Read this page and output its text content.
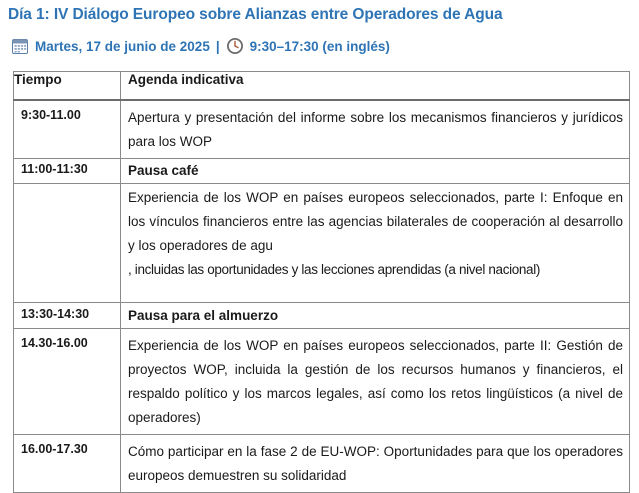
Día 1: IV Diálogo Europeo sobre Alianzas entre Operadores de Agua
Martes, 17 de junio de 2025 | 9:30–17:30 (en inglés)
Tiempo	Agenda indicativa
9:30-11.00	Apertura y presentación del informe sobre los mecanismos financieros y jurídicos para los WOP
11:00-11:30	Pausa café

	Experiencia de los WOP en países europeos seleccionados, parte I: Enfoque en los vínculos financieros entre las agencias bilaterales de cooperación al desarrollo y los operadores de agu
, incluidas las oportunidades y las lecciones aprendidas (a nivel nacional)

13:30-14:30	Pausa para el almuerzo
14.30-16.00	Experiencia de los WOP en países europeos seleccionados, parte II: Gestión de proyectos WOP, incluida la gestión de los recursos humanos y financieros, el respaldo político y los marcos legales, así como los retos lingüísticos (a nivel de operadores)
16.00-17.30	Cómo participar en la fase 2 de EU-WOP: Oportunidades para que los operadores europeos demuestren su solidaridad
